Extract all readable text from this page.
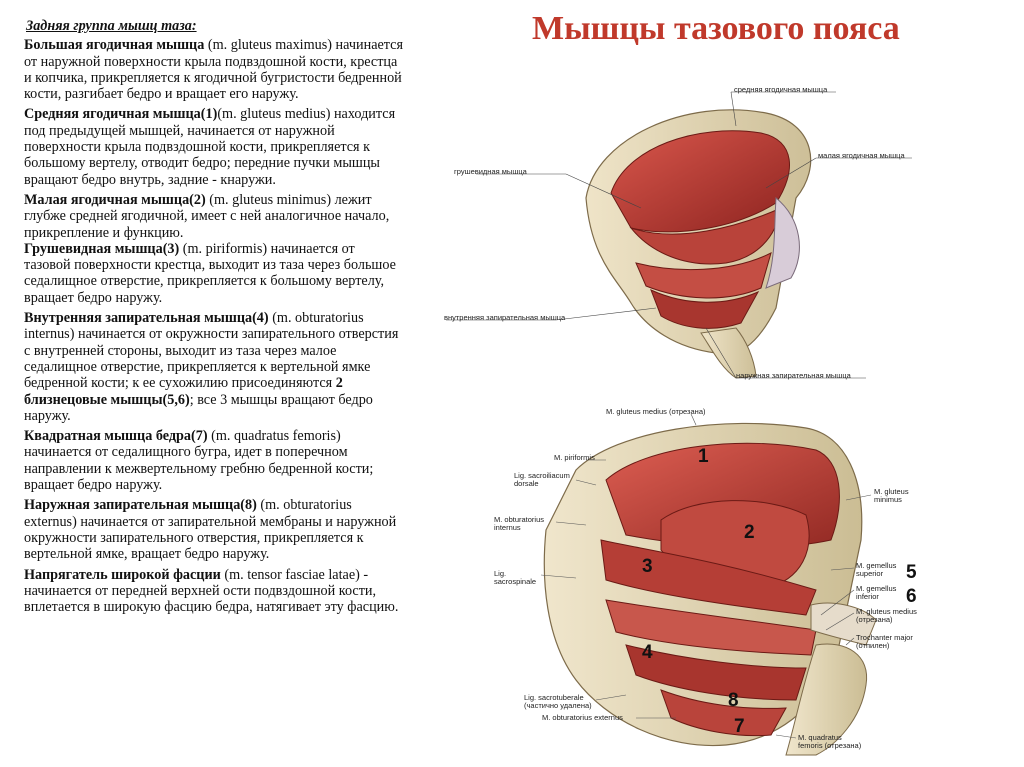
Мышцы тазового пояса
Задняя группа мышц таза:

Большая ягодичная мышца (m. gluteus maximus) начинается от наружной поверхности крыла подвздошной кости, крестца и копчика, прикрепляется к ягодичной бугристости бедренной кости, разгибает бедро и вращает его наружу.

Средняя ягодичная мышца(1)(m. gluteus medius) находится под предыдущей мышцей, начинается от наружной поверхности крыла подвздошной кости, прикрепляется к большому вертелу, отводит бедро; передние пучки мышцы вращают бедро внутрь, задние - кнаружи.

Малая ягодичная мышца(2) (m. gluteus minimus) лежит глубже средней ягодичной, имеет с ней аналогичное начало, прикрепление и функцию.

Грушевидная мышца(3) (m. piriformis) начинается от тазовой поверхности крестца, выходит из таза через большое седалищное отверстие, прикрепляется к большому вертелу, вращает бедро наружу.

Внутренняя запирательная мышца(4) (m. obturatorius internus) начинается от окружности запирательного отверстия с внутренней стороны, выходит из таза через малое седалищное отверстие, прикрепляется к вертельной ямке бедренной кости; к ее сухожилию присоединяются 2 близнецовые мышцы(5,6); все 3 мышцы вращают бедро наружу.

Квадратная мышца бедра(7) (m. quadratus femoris) начинается от седалищного бугра, идет в поперечном направлении к межвертельному гребню бедренной кости; вращает бедро наружу.

Наружная запирательная мышца(8) (m. obturatorius externus) начинается от запирательной мембраны и наружной окружности запирательного отверстия, прикрепляется к вертельной ямке, вращает бедро наружу.

Напрягатель широкой фасции (m. tensor fasciae latae) - начинается от передней верхней ости подвздошной кости, вплетается в широкую фасцию бедра, натягивает эту фасцию.

средняя ягодичная мышца
малая ягодичная мышца
грушевидная мышца
внутренняя запирательная мышца
наружная запирательная мышца
M. gluteus medius (отрезана)
M. piriformis
Lig. sacroiliacum dorsale
M. obturatorius internus
Lig. sacrospinale
M. gluteus minimus
M. gemellus superior
M. gemellus inferior
M. gluteus medius (отрезана)
Trochanter major (отпилен)
Lig. sacrotuberale (частично удалена)
M. obturatorius externus
M. quadratus femoris (отрезана)
1
2
3
4
5
6
8
7
